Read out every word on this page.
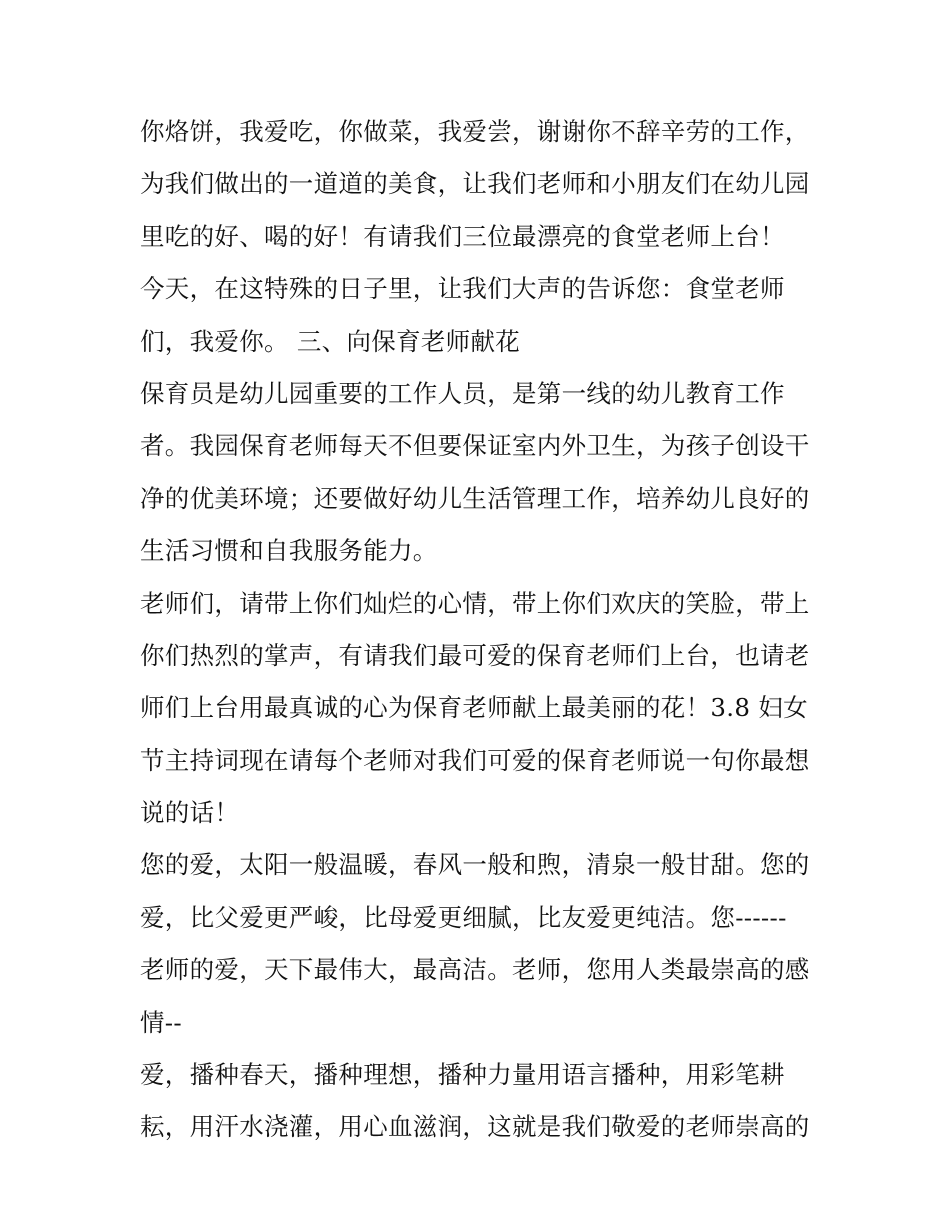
你烙饼，我爱吃，你做菜，我爱尝，谢谢你不辞辛劳的工作，
为我们做出的一道道的美食，让我们老师和小朋友们在幼儿园
里吃的好、喝的好！有请我们三位最漂亮的食堂老师上台！
今天，在这特殊的日子里，让我们大声的告诉您：食堂老师
们，我爱你。 三、向保育老师献花
保育员是幼儿园重要的工作人员，是第一线的幼儿教育工作
者。我园保育老师每天不但要保证室内外卫生，为孩子创设干
净的优美环境；还要做好幼儿生活管理工作，培养幼儿良好的
生活习惯和自我服务能力。
老师们，请带上你们灿烂的心情，带上你们欢庆的笑脸，带上
你们热烈的掌声，有请我们最可爱的保育老师们上台，也请老
师们上台用最真诚的心为保育老师献上最美丽的花！3.8 妇女
节主持词现在请每个老师对我们可爱的保育老师说一句你最想
说的话！
您的爱，太阳一般温暖，春风一般和煦，清泉一般甘甜。您的
爱，比父爱更严峻，比母爱更细腻，比友爱更纯洁。您------
老师的爱，天下最伟大，最高洁。老师，您用人类最崇高的感
情--
爱，播种春天，播种理想，播种力量用语言播种，用彩笔耕
耘，用汗水浇灌，用心血滋润，这就是我们敬爱的老师崇高的
